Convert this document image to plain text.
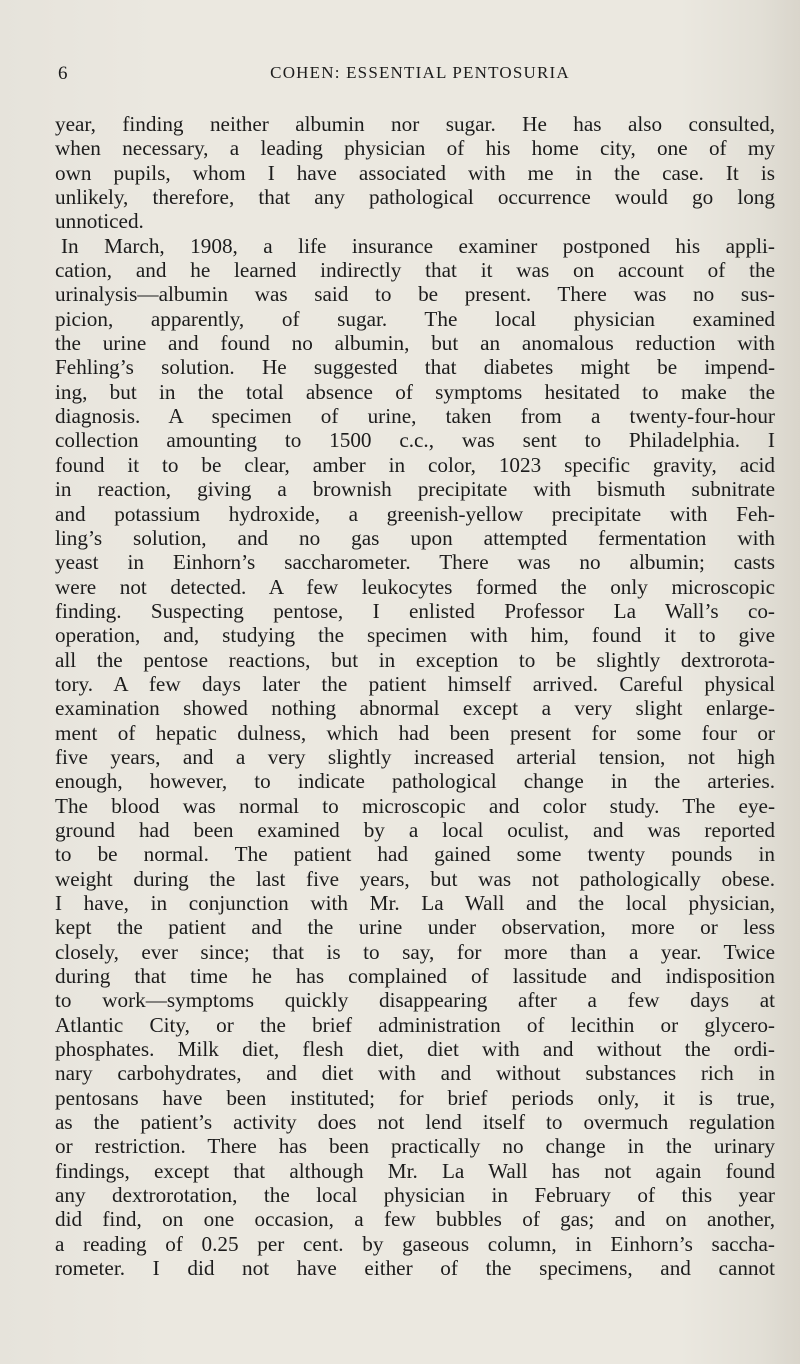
6	COHEN: ESSENTIAL PENTOSURIA
year, finding neither albumin nor sugar. He has also consulted,
when necessary, a leading physician of his home city, one of my
own pupils, whom I have associated with me in the case. It is
unlikely, therefore, that any pathological occurrence would go long
unnoticed.
In March, 1908, a life insurance examiner postponed his appli-
cation, and he learned indirectly that it was on account of the
urinalysis—albumin was said to be present. There was no sus-
picion, apparently, of sugar. The local physician examined
the urine and found no albumin, but an anomalous reduction with
Fehling’s solution. He suggested that diabetes might be impend-
ing, but in the total absence of symptoms hesitated to make the
diagnosis. A specimen of urine, taken from a twenty-four-hour
collection amounting to 1500 c.c., was sent to Philadelphia. I
found it to be clear, amber in color, 1023 specific gravity, acid
in reaction, giving a brownish precipitate with bismuth subnitrate
and potassium hydroxide, a greenish-yellow precipitate with Feh-
ling’s solution, and no gas upon attempted fermentation with
yeast in Einhorn’s saccharometer. There was no albumin; casts
were not detected. A few leukocytes formed the only microscopic
finding. Suspecting pentose, I enlisted Professor La Wall’s co-
operation, and, studying the specimen with him, found it to give
all the pentose reactions, but in exception to be slightly dextrorota-
tory. A few days later the patient himself arrived. Careful physical
examination showed nothing abnormal except a very slight enlarge-
ment of hepatic dulness, which had been present for some four or
five years, and a very slightly increased arterial tension, not high
enough, however, to indicate pathological change in the arteries.
The blood was normal to microscopic and color study. The eye-
ground had been examined by a local oculist, and was reported
to be normal. The patient had gained some twenty pounds in
weight during the last five years, but was not pathologically obese.
I have, in conjunction with Mr. La Wall and the local physician,
kept the patient and the urine under observation, more or less
closely, ever since; that is to say, for more than a year. Twice
during that time he has complained of lassitude and indisposition
to work—symptoms quickly disappearing after a few days at
Atlantic City, or the brief administration of lecithin or glycero-
phosphates. Milk diet, flesh diet, diet with and without the ordi-
nary carbohydrates, and diet with and without substances rich in
pentosans have been instituted; for brief periods only, it is true,
as the patient’s activity does not lend itself to overmuch regulation
or restriction. There has been practically no change in the urinary
findings, except that although Mr. La Wall has not again found
any dextrorotation, the local physician in February of this year
did find, on one occasion, a few bubbles of gas; and on another,
a reading of 0.25 per cent. by gaseous column, in Einhorn’s saccha-
rometer. I did not have either of the specimens, and cannot
